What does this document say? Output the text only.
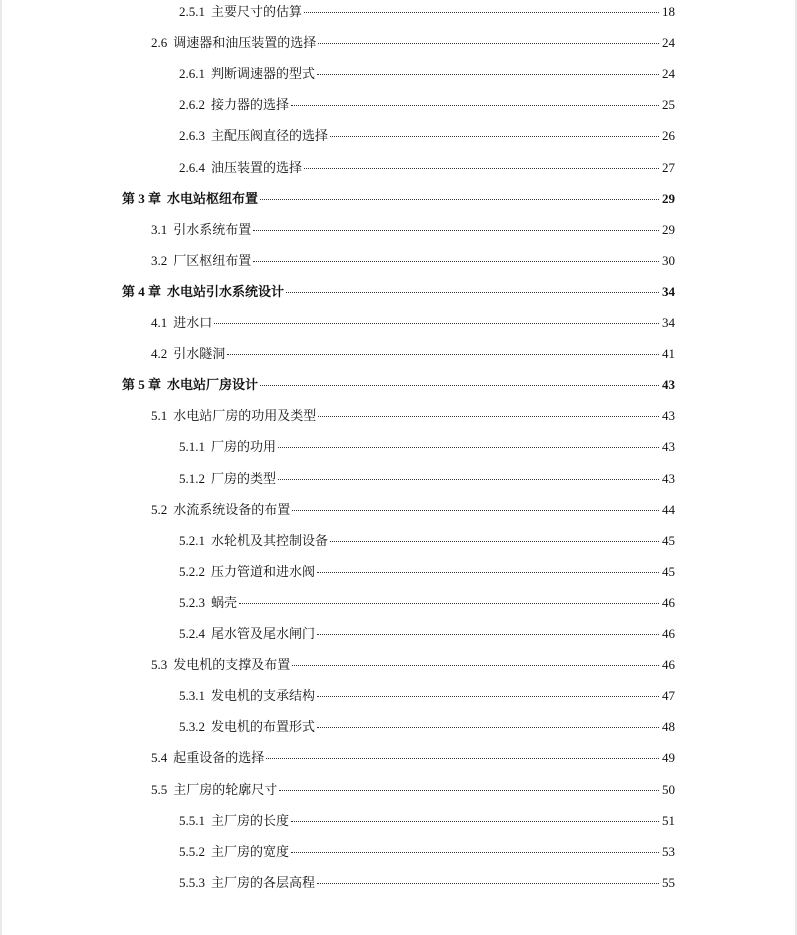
2.5.1 主要尺寸的估算	18
2.6 调速器和油压装置的选择	24
2.6.1 判断调速器的型式	24
2.6.2 接力器的选择	25
2.6.3 主配压阀直径的选择	26
2.6.4 油压装置的选择	27
第 3 章 水电站枢纽布置	29
3.1 引水系统布置	29
3.2 厂区枢纽布置	30
第 4 章 水电站引水系统设计	34
4.1 进水口	34
4.2 引水隧洞	41
第 5 章 水电站厂房设计	43
5.1 水电站厂房的功用及类型	43
5.1.1 厂房的功用	43
5.1.2 厂房的类型	43
5.2 水流系统设备的布置	44
5.2.1 水轮机及其控制设备	45
5.2.2 压力管道和进水阀	45
5.2.3 蜗壳	46
5.2.4 尾水管及尾水闸门	46
5.3 发电机的支撑及布置	46
5.3.1 发电机的支承结构	47
5.3.2 发电机的布置形式	48
5.4 起重设备的选择	49
5.5 主厂房的轮廓尺寸	50
5.5.1 主厂房的长度	51
5.5.2 主厂房的宽度	53
5.5.3 主厂房的各层高程	55
